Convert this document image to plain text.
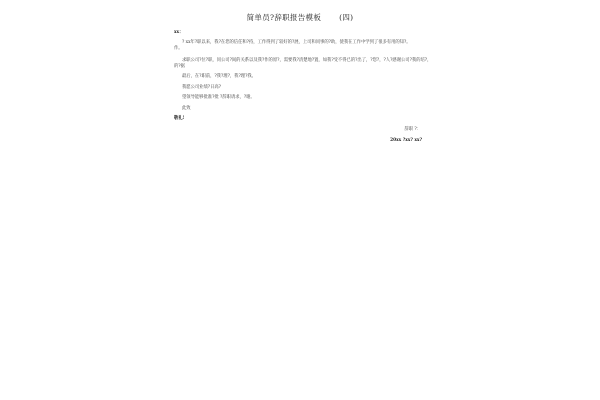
简单员?辞职报告模板 (四)
xx：
? xx年?职以来，我?在您的信任和?持，工作得到了较好的?展，上司和同事的?助，使我在工作中学到了很多有用的知?。
作。
求职公司?位?职，同公司?间的关系以及我?作的原?，需要我?清楚地?置，如我?受不得已的?出了，?您?，?人?感谢公司?我的培?，
的?据
最后，在?职前，?我?理?，我?理?我。
我愿公司业绩?日高?
望领导能够批准?批 ?辞职请求，?谢。
此致
敬礼!
辞职 ?：
20xx ?xx? xx?
